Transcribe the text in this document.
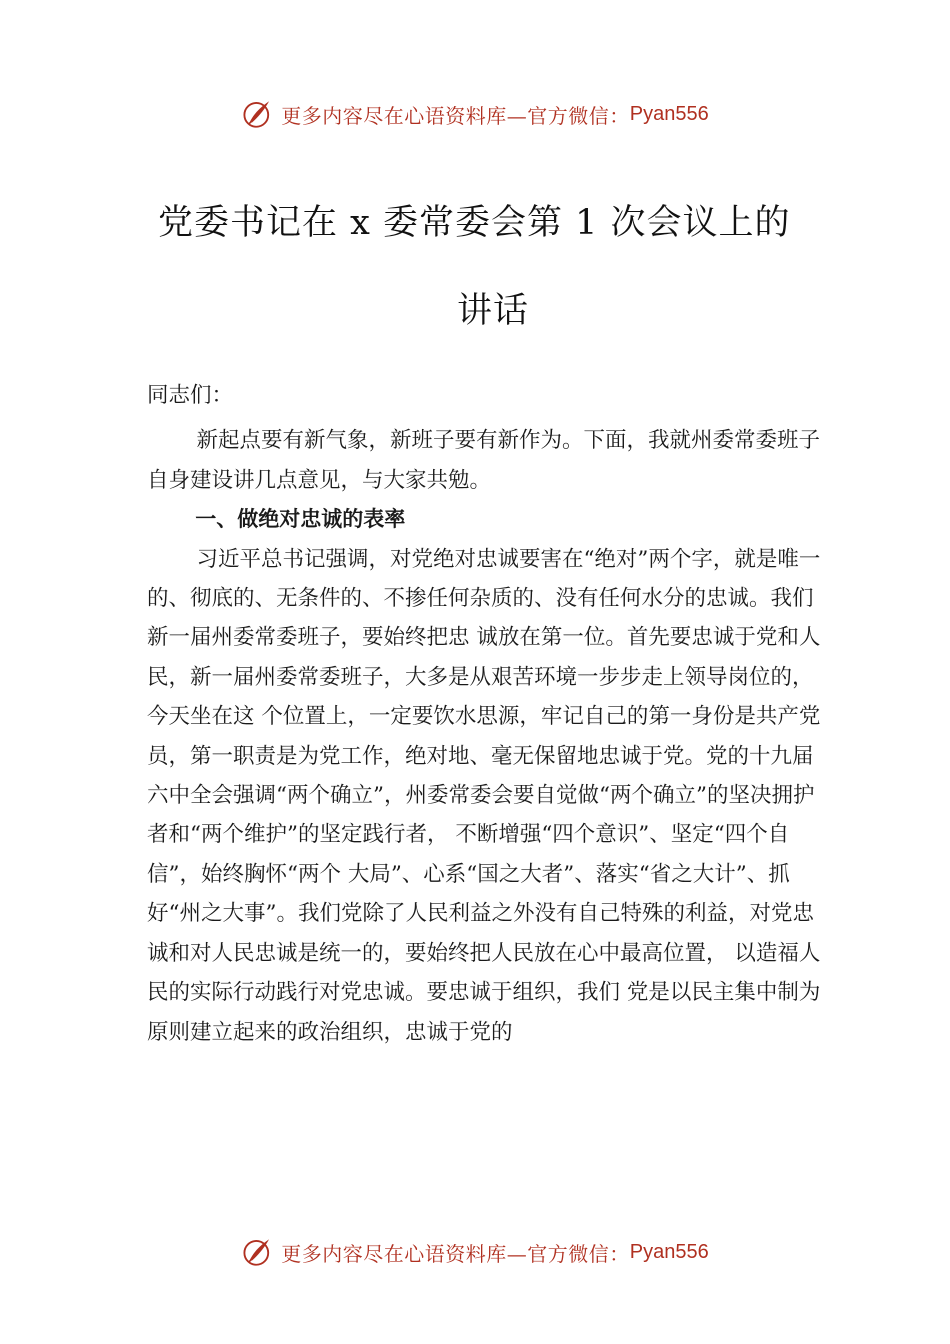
更多内容尽在心语资料库—官方微信： Pyan556
党委书记在 x 委常委会第 1 次会议上的
讲话

同志们：

新起点要有新气象，新班子要有新作为。下面，我就州委常委班子自身建设讲几点意见，与大家共勉。

一、做绝对忠诚的表率

习近平总书记强调，对党绝对忠诚要害在“绝对”两个字，就是唯一的、彻底的、无条件的、不掺任何杂质的、没有任何水分的忠诚。我们新一届州委常委班子，要始终把忠 诚放在第一位。首先要忠诚于党和人民，新一届州委常委班子，大多是从艰苦环境一步步走上领导岗位的，今天坐在这 个位置上，一定要饮水思源，牢记自己的第一身份是共产党员，第一职责是为党工作，绝对地、毫无保留地忠诚于党。党的十九届六中全会强调“两个确立”，州委常委会要自觉做“两个确立”的坚决拥护者和“两个维护”的坚定践行者， 不断增强“四个意识”、坚定“四个自信”，始终胸怀“两个 大局”、心系“国之大者”、落实“省之大计”、抓好“州之大事”。我们党除了人民利益之外没有自己特殊的利益，对党忠 诚和对人民忠诚是统一的，要始终把人民放在心中最高位置， 以造福人民的实际行动践行对党忠诚。要忠诚于组织，我们 党是以民主集中制为原则建立起来的政治组织，忠诚于党的

更多内容尽在心语资料库—官方微信： Pyan556
